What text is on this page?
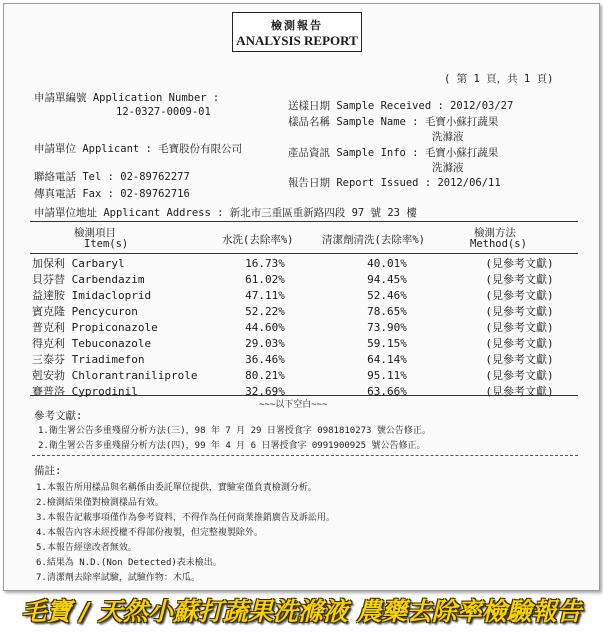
檢測報告
ANALYSIS REPORT
( 第 1 頁，共 1 頁)
申請單編號 Application Number :
12-0327-0009-01	送樣日期 Sample Received : 2012/03/27
樣品名稱 Sample Name : 毛寶小蘇打蔬果
洗滌液
申請單位 Applicant : 毛寶股份有限公司	產品資訊 Sample Info : 毛寶小蘇打蔬果
洗滌液
聯絡電話 Tel : 02-89762277
傳真電話 Fax : 02-89762716
報告日期 Report Issued : 2012/06/11
申請單位地址 Applicant Address : 新北市三重區重新路四段 97 號 23 樓
檢測項目
Item(s)	水洗(去除率%)	清潔劑清洗(去除率%)
檢測方法
Method(s)
加保利 Carbaryl	16.73%	40.01%	(見參考文獻)
貝芬替 Carbendazim	61.02%	94.45%	(見參考文獻)
益達胺 Imidacloprid	47.11%	52.46%	(見參考文獻)
賓克隆 Pencycuron	52.22%	78.65%	(見參考文獻)
普克利 Propiconazole	44.60%	73.90%	(見參考文獻)
得克利 Tebuconazole	29.03%	59.15%	(見參考文獻)
三泰芬 Triadimefon	36.46%	64.14%	(見參考文獻)
剋安勃 Chlorantraniliprole	80.21%	95.11%	(見參考文獻)
賽普洛 Cyprodinil	32.69%	63.66%	(見參考文獻)
~~~以下空白~~~
參考文獻:
1.衛生署公告多重殘留分析方法(三)，98 年 7 月 29 日署授食字 0981810273 號公告修正。
2.衛生署公告多重殘留分析方法(四)，99 年 4 月 6 日署授食字 0991900925 號公告修正。
備註:
1.本報告所用樣品與名稱係由委託單位提供，實驗室僅負責檢測分析。
2.檢測結果僅對檢測樣品有效。
3.本報告記載事項僅作為參考資料，不得作為任何商業推銷廣告及訴訟用。
4.本報告內容未經授權不得部份複製，但完整複製除外。
5.本報告經塗改者無效。
6.結果為 N.D.(Non Detected)表未檢出。
7.清潔劑去除率試驗，試驗作物：木瓜。
毛寶 / 天然小蘇打蔬果洗滌液 農藥去除率檢驗報告
